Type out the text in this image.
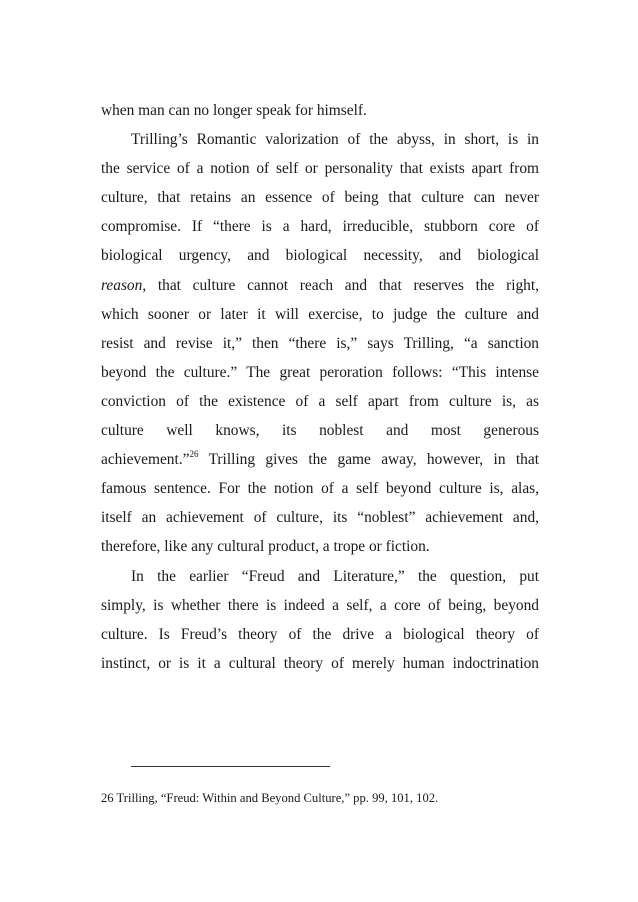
when man can no longer speak for himself.
Trilling’s Romantic valorization of the abyss, in short, is in
the service of a notion of self or personality that exists apart from
culture, that retains an essence of being that culture can never
compromise. If “there is a hard, irreducible, stubborn core of
biological urgency, and biological necessity, and biological
reason, that culture cannot reach and that reserves the right,
which sooner or later it will exercise, to judge the culture and
resist and revise it,” then “there is,” says Trilling, “a sanction
beyond the culture.” The great peroration follows: “This intense
conviction of the existence of a self apart from culture is, as
culture well knows, its noblest and most generous
achievement.”$^{26}$ Trilling gives the game away, however, in that
famous sentence. For the notion of a self beyond culture is, alas,
itself an achievement of culture, its “noblest” achievement and,
therefore, like any cultural product, a trope or fiction.
In the earlier “Freud and Literature,” the question, put
simply, is whether there is indeed a self, a core of being, beyond
culture. Is Freud’s theory of the drive a biological theory of
instinct, or is it a cultural theory of merely human indoctrination

26 Trilling, “Freud: Within and Beyond Culture,” pp. 99, 101, 102.
